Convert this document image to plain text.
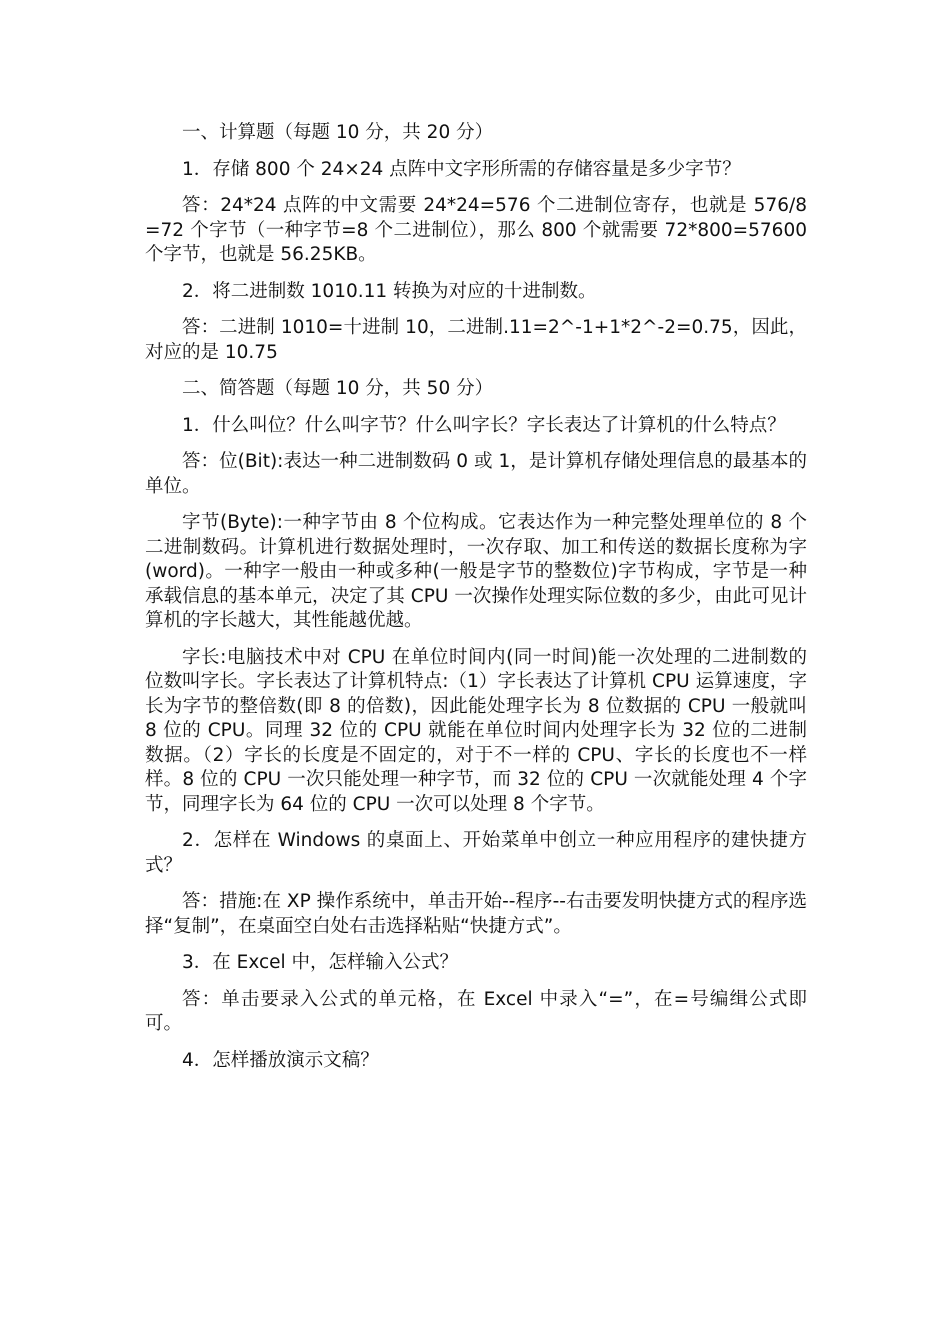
一、计算题（每题 10 分，共 20 分）

1．存储 800 个 24×24 点阵中文字形所需的存储容量是多少字节？

答：24*24 点阵的中文需要 24*24=576 个二进制位寄存，也就是 576/8=72 个字节（一种字节=8 个二进制位），那么 800 个就需要 72*800=57600 个字节，也就是 56.25KB。

2．将二进制数 1010.11 转换为对应的十进制数。

答：二进制 1010=十进制 10，二进制.11=2^-1+1*2^-2=0.75，因此，对应的是 10.75

二、简答题（每题 10 分，共 50 分）

1．什么叫位？什么叫字节？什么叫字长？字长表达了计算机的什么特点？

答：位(Bit):表达一种二进制数码 0 或 1，是计算机存储处理信息的最基本的单位。

字节(Byte):一种字节由 8 个位构成。它表达作为一种完整处理单位的 8 个二进制数码。计算机进行数据处理时，一次存取、加工和传送的数据长度称为字(word)。一种字一般由一种或多种(一般是字节的整数位)字节构成，字节是一种承载信息的基本单元，决定了其 CPU 一次操作处理实际位数的多少，由此可见计算机的字长越大，其性能越优越。

字长:电脑技术中对 CPU 在单位时间内(同一时间)能一次处理的二进制数的位数叫字长。字长表达了计算机特点:（1）字长表达了计算机 CPU 运算速度，字长为字节的整倍数(即 8 的倍数)，因此能处理字长为 8 位数据的 CPU 一般就叫 8 位的 CPU。同理 32 位的 CPU 就能在单位时间内处理字长为 32 位的二进制数据。（2）字长的长度是不固定的，对于不一样的 CPU、字长的长度也不一样样。8 位的 CPU 一次只能处理一种字节，而 32 位的 CPU 一次就能处理 4 个字节，同理字长为 64 位的 CPU 一次可以处理 8 个字节。

2．怎样在 Windows 的桌面上、开始菜单中创立一种应用程序的建快捷方式？

答：措施:在 XP 操作系统中，单击开始--程序--右击要发明快捷方式的程序选择“复制”，在桌面空白处右击选择粘贴“快捷方式”。

3．在 Excel 中，怎样输入公式？

答：单击要录入公式的单元格，在 Excel 中录入“=”，在=号编缉公式即可。

4．怎样播放演示文稿？
